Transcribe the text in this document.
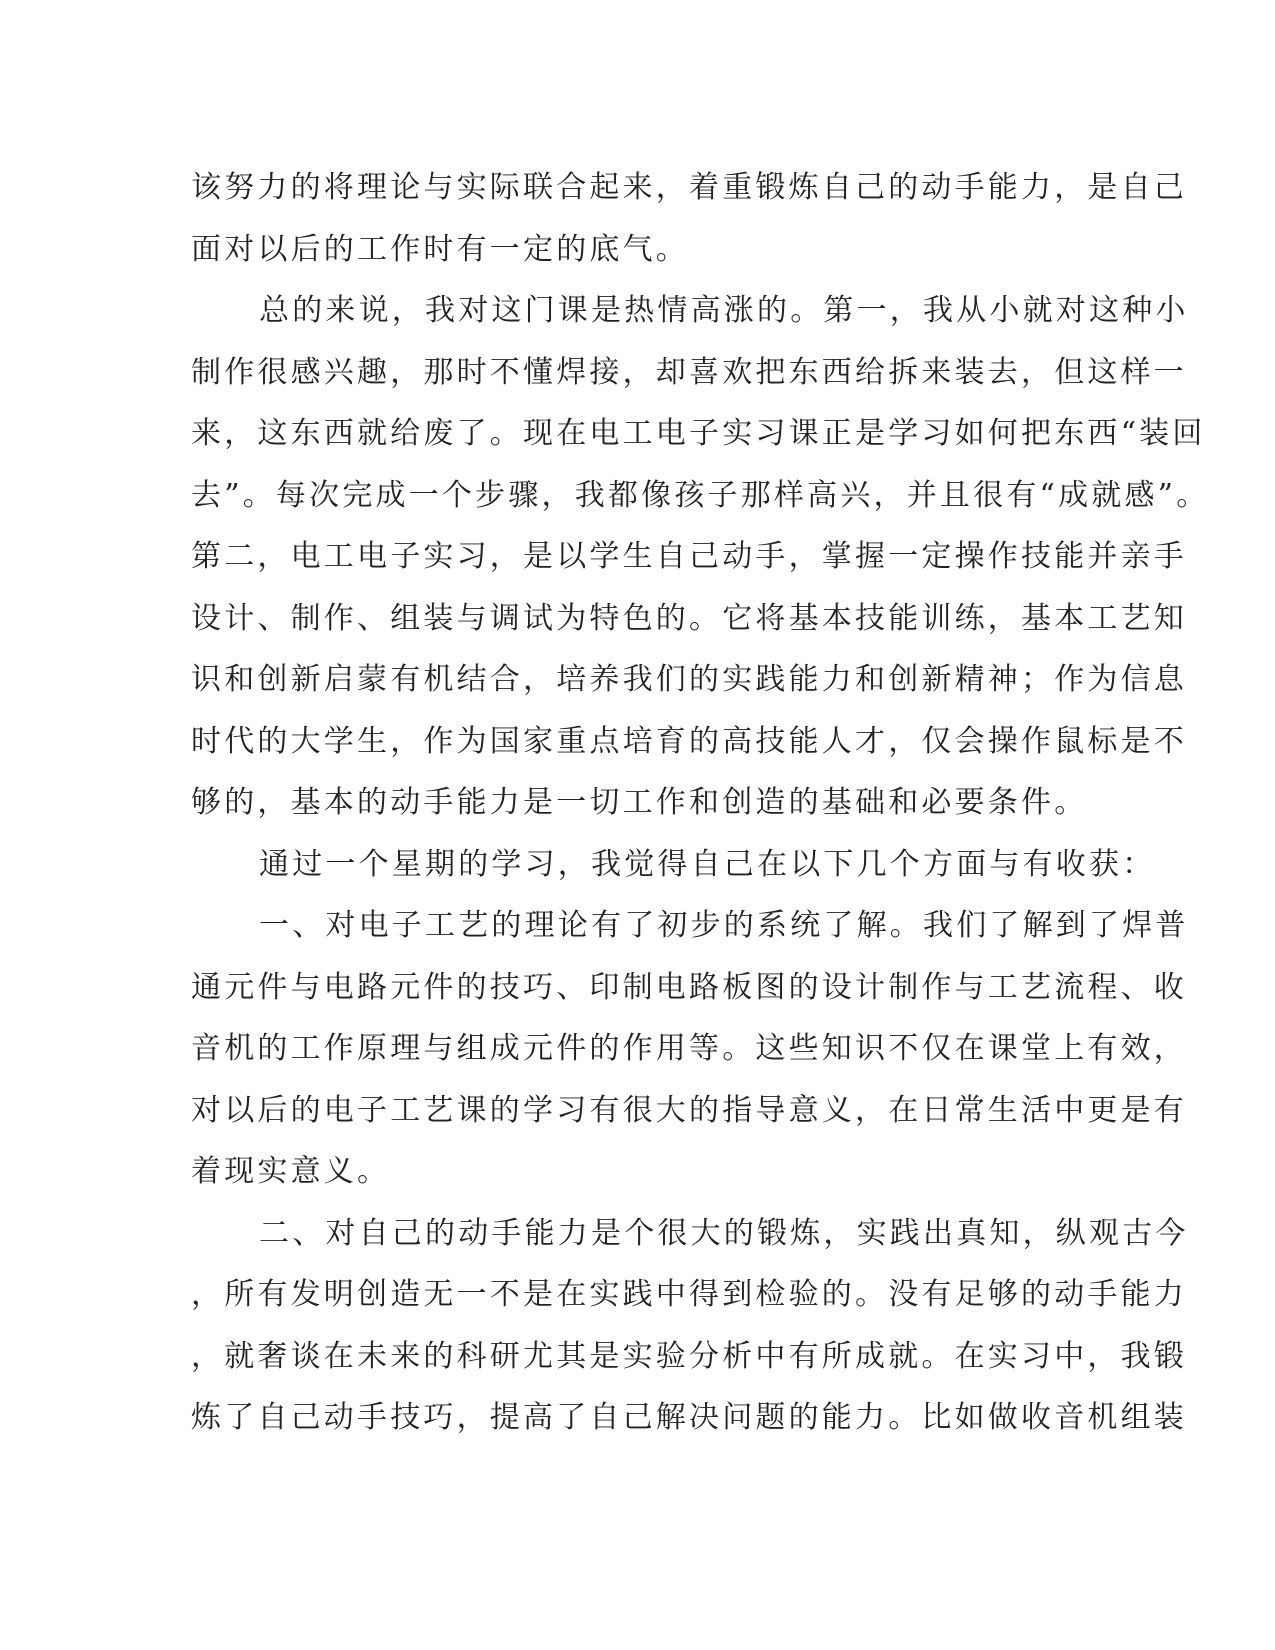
该努力的将理论与实际联合起来，着重锻炼自己的动手能力，是自己
面对以后的工作时有一定的底气。
总的来说，我对这门课是热情高涨的。第一，我从小就对这种小
制作很感兴趣，那时不懂焊接，却喜欢把东西给拆来装去，但这样一
来，这东西就给废了。现在电工电子实习课正是学习如何把东西“装回
去”。每次完成一个步骤，我都像孩子那样高兴，并且很有“成就感”。
第二，电工电子实习，是以学生自己动手，掌握一定操作技能并亲手
设计、制作、组装与调试为特色的。它将基本技能训练，基本工艺知
识和创新启蒙有机结合，培养我们的实践能力和创新精神；作为信息
时代的大学生，作为国家重点培育的高技能人才，仅会操作鼠标是不
够的，基本的动手能力是一切工作和创造的基础和必要条件。
通过一个星期的学习，我觉得自己在以下几个方面与有收获：
一、对电子工艺的理论有了初步的系统了解。我们了解到了焊普
通元件与电路元件的技巧、印制电路板图的设计制作与工艺流程、收
音机的工作原理与组成元件的作用等。这些知识不仅在课堂上有效，
对以后的电子工艺课的学习有很大的指导意义，在日常生活中更是有
着现实意义。
二、对自己的动手能力是个很大的锻炼，实践出真知，纵观古今
，所有发明创造无一不是在实践中得到检验的。没有足够的动手能力
，就奢谈在未来的科研尤其是实验分析中有所成就。在实习中，我锻
炼了自己动手技巧，提高了自己解决问题的能力。比如做收音机组装
